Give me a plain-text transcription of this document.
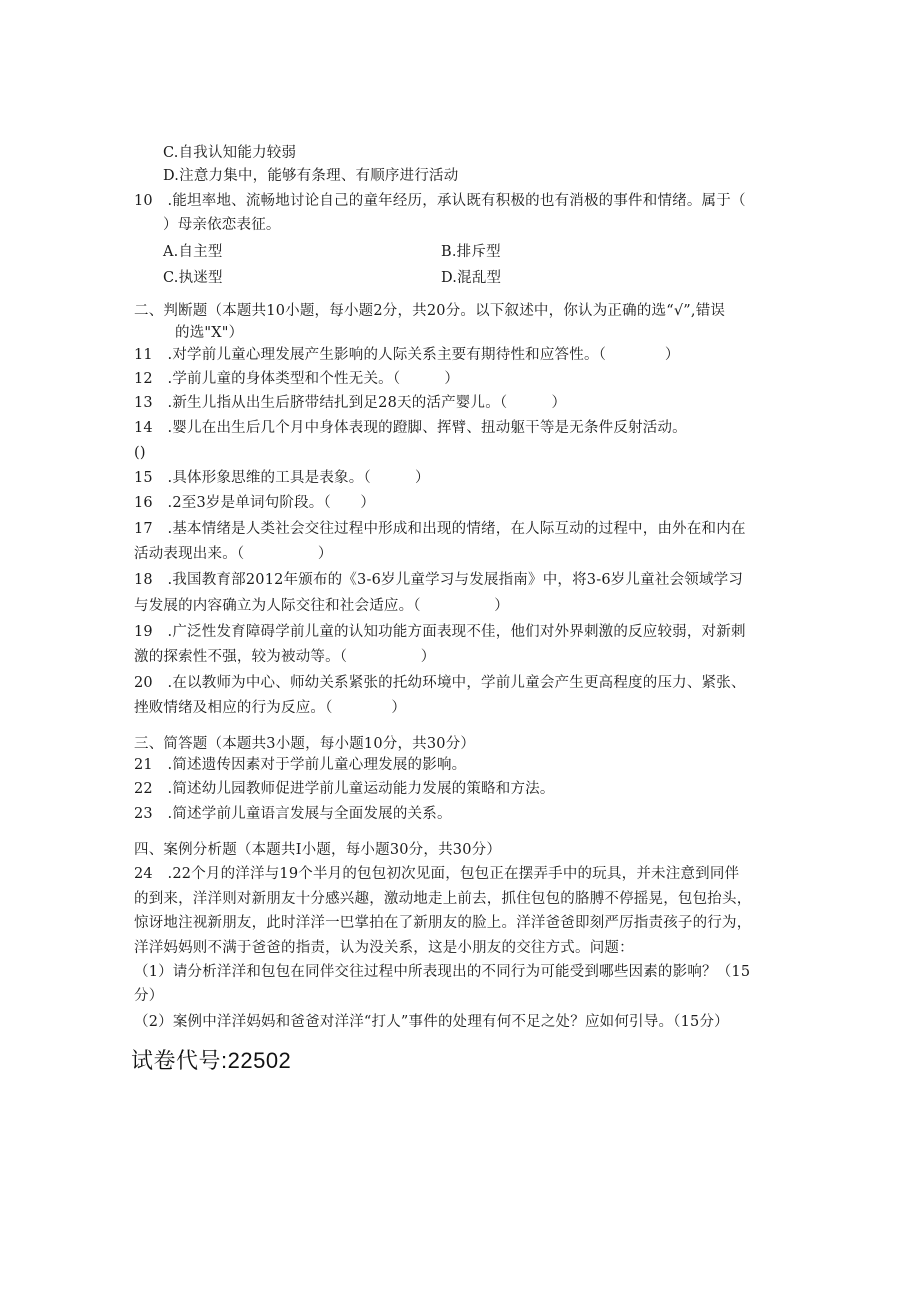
C.自我认知能力较弱
D.注意力集中，能够有条理、有顺序进行活动
10　.能坦率地、流畅地讨论自己的童年经历，承认既有积极的也有消极的事件和情绪。属于（
）母亲依恋表征。
A.自主型	B.排斥型
C.执迷型	D.混乱型
二、判断题（本题共10小题，每小题2分，共20分。以下叙述中，你认为正确的选“√”,错误
的选"X"）
11　.对学前儿童心理发展产生影响的人际关系主要有期待性和应答性。（　　　　）
12　.学前儿童的身体类型和个性无关。（　　　）
13　.新生儿指从出生后脐带结扎到足28天的活产婴儿。（　　　）
14　.婴儿在出生后几个月中身体表现的蹬脚、挥臂、扭动躯干等是无条件反射活动。
()
15　.具体形象思维的工具是表象。（　　　）
16　.2至3岁是单词句阶段。（　　）
17　.基本情绪是人类社会交往过程中形成和出现的情绪，在人际互动的过程中，由外在和内在
活动表现出来。（　　　　　）
18　.我国教育部2012年颁布的《3-6岁儿童学习与发展指南》中，将3-6岁儿童社会领域学习
与发展的内容确立为人际交往和社会适应。（　　　　　）
19　.广泛性发育障碍学前儿童的认知功能方面表现不佳，他们对外界刺激的反应较弱，对新刺
激的探索性不强，较为被动等。（　　　　　）
20　.在以教师为中心、师幼关系紧张的托幼环境中，学前儿童会产生更高程度的压力、紧张、
挫败情绪及相应的行为反应。（　　　　）
三、简答题（本题共3小题，每小题10分，共30分）
21　.简述遗传因素对于学前儿童心理发展的影响。
22　.简述幼儿园教师促进学前儿童运动能力发展的策略和方法。
23　.简述学前儿童语言发展与全面发展的关系。
四、案例分析题（本题共I小题，每小题30分，共30分）
24　.22个月的洋洋与19个半月的包包初次见面，包包正在摆弄手中的玩具，并未注意到同伴
的到来，洋洋则对新朋友十分感兴趣，激动地走上前去，抓住包包的胳膊不停摇晃，包包抬头，
惊讶地注视新朋友，此时洋洋一巴掌拍在了新朋友的脸上。洋洋爸爸即刻严厉指责孩子的行为，
洋洋妈妈则不满于爸爸的指责，认为没关系，这是小朋友的交往方式。问题：
（1）请分析洋洋和包包在同伴交往过程中所表现出的不同行为可能受到哪些因素的影响？（15
分）
（2）案例中洋洋妈妈和爸爸对洋洋“打人”事件的处理有何不足之处？应如何引导。（15分）
试卷代号:22502
